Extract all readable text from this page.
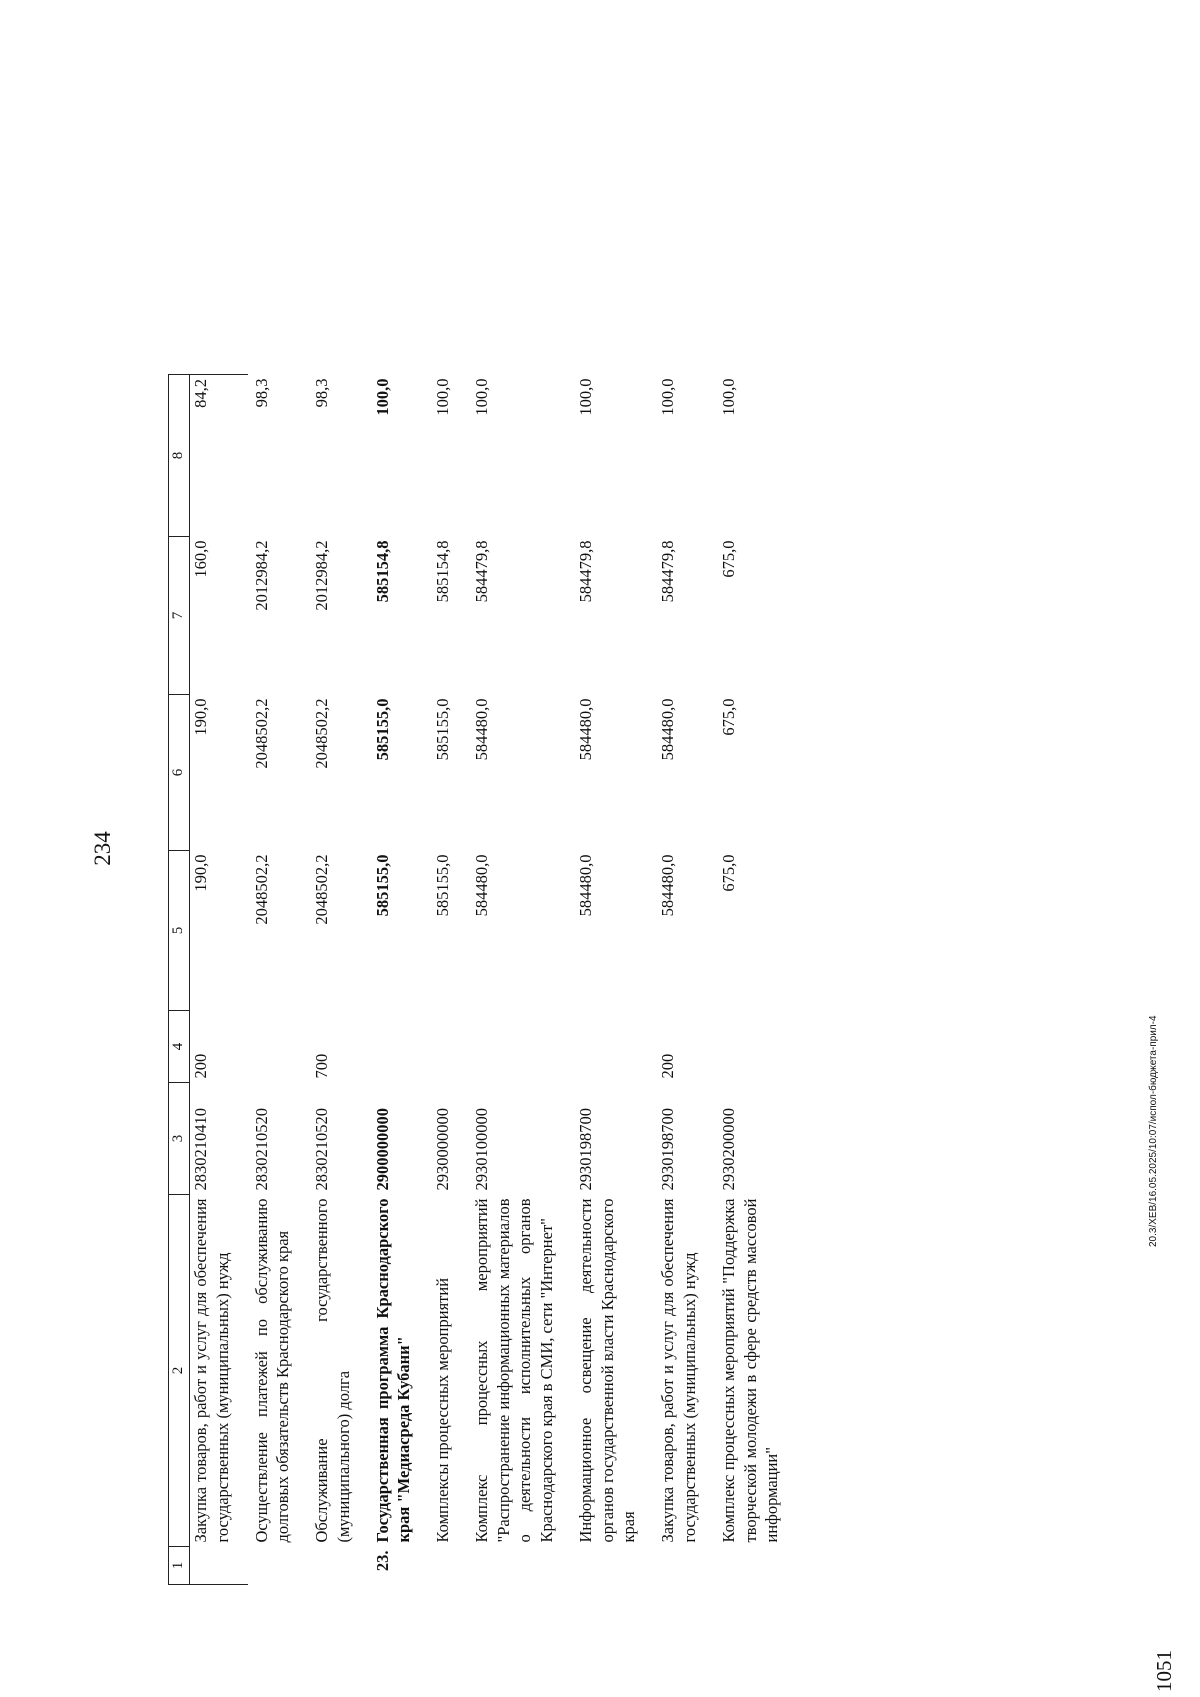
234
1	2	3	4	5	6	7	8
	Закупка товаров, работ и услуг для обеспечения государственных (муниципальных) нужд	2830210410	200	190,0	190,0	160,0	84,2
	Осуществление платежей по обслуживанию долговых обязательств Краснодарского края	2830210520		2048502,2	2048502,2	2012984,2	98,3
	Обслуживание государственного (муниципального) долга	2830210520	700	2048502,2	2048502,2	2012984,2	98,3
23.	Государственная программа Краснодарского края "Медиасреда Кубани"	2900000000		585155,0	585155,0	585154,8	100,0
	Комплексы процессных мероприятий	2930000000		585155,0	585155,0	585154,8	100,0
	Комплекс процессных мероприятий "Распространение информационных материалов о деятельности исполнительных органов Краснодарского края в СМИ, сети "Интернет"	2930100000		584480,0	584480,0	584479,8	100,0
	Информационное освещение деятельности органов государственной власти Краснодарского края	2930198700		584480,0	584480,0	584479,8	100,0
	Закупка товаров, работ и услуг для обеспечения государственных (муниципальных) нужд	2930198700	200	584480,0	584480,0	584479,8	100,0
	Комплекс процессных мероприятий "Поддержка творческой молодежи в сфере средств массовой информации"	2930200000		675,0	675,0	675,0	100,0
1051
20.3/XEB/16.05.2025/10:07/испол-бюджета-прил-4
